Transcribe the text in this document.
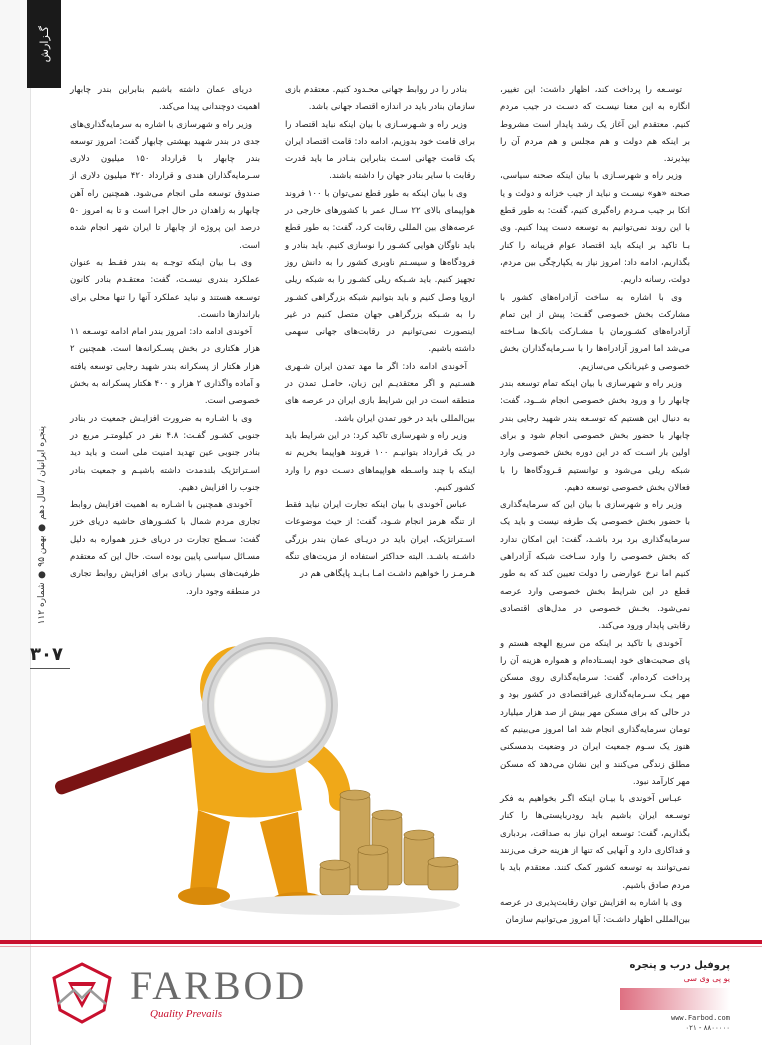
گـزارش
پنجره ایرانیان / سال دهم ● بهمن ۹۵ ● شماره ۱۱۲
۳۰۷

توسـعه را پرداخت کند، اظهار داشت: این تغییر، انگاره به این معنا نیسـت که دسـت در جیب مردم کنیم. معتقدم این آغاز یک رشد پایدار است مشروط بر اینکه هم دولت و هم مجلس و هم مردم آن را بپذیرند.

وزیر راه و شهرسـازی با بیان اینکه صحنه سیاسی، صحنه «هو» نیسـت و نباید از جیب خزانه و دولت و یا اتکا بر جیب مـردم راه‌گیری کنیم، گفت: به طور قطع با این روند نمی‌توانیم به توسعه دست پیدا کنیم. وی بـا تاکید بر اینکه باید اقتصاد عوام فریبانه را کنار بگذاریم، ادامه داد: امروز نیاز به یکپارچگی بین مردم، دولت، رسانه داریم.

وی با اشاره به ساخت آزادراه‌های کشور با مشارکت بخش خصوصی گفـت: پیش از این تمام آزادراه‌های کشـورمان با مشـارکت بانک‌ها سـاخته می‌شد اما امروز آزادراه‌ها را با سـرمایه‌گذاران بخش خصوصی و غیربانکی می‌سازیم.

وزیر راه و شهرسازی با بیان اینکه تمام توسعه بندر چابهار را و ورود بخش خصوصی انجام شــود، گفت: به دنبال این هستیم که توسـعه بندر شهید رجایی بندر چابهار با حضور بخش خصوصی انجام شود و برای اولین بار اسـت که در این دوره بخش خصوصی وارد شبکه ریلی می‌شود و توانستیم قـرودگاه‌ها را با فعالان بخش خصوصی توسعه دهیم.

وزیر راه و شهرسازی با بیان این که سرمایه‌گذاری با حضور بخش خصوصی یک طرفه نیست و باید یک سرمایه‌گذاری برد برد باشـد، گفت: این امکان ندارد که بخش خصوصی را وارد سـاخت شبکه آزادراهی کنیم اما نرخ عوارضی را دولت تعیین کند که به طور قطع در این شرایط بخش خصوصی وارد عرصه نمی‌شود. بخـش خصوصی در مدل‌های اقتصادی رقابتی پایدار ورود می‌کند.

آخوندی با تاکید بر اینکه من سریع الهجه هستم و پای صحبت‌های خود ایسـتاده‌ام و همواره هزینه آن را پرداخت کرده‌ام، گفت: سرمایه‌گذاری روی مسکن مهر یـک سـرمایه‌گذاری غیراقتصادی در کشور بود و در حالی که برای مسکن مهر بیش از صد هزار میلیارد تومان سرمایه‌گذاری انجام شد اما امروز می‌بینیم که هنوز یک سـوم جمعیت ایران در وضعیت بدمسکنی مطلق زندگی می‌کنند و این نشان می‌دهد که مسکن مهر کارآمد نبود.

عبـاس آخوندی با بیـان اینکه اگـر بخواهیم به فکر توسـعه ایران باشیم باید رودربایستی‌ها را کنار بگذاریم، گفت: توسعه ایران نیاز به صداقت، بردباری و فداکاری دارد و آنهایی که تنها از هزینه حرف می‌زنند نمی‌توانند به توسعه کشور کمک کنند. معتقدم باید با مردم صادق باشیم.

وی با اشاره به افزایش توان رقابت‌پذیری در عرصه بین‌المللی اظهار داشـت: آیا امروز می‌توانیم سازمان

بنادر را در روابط جهانی محـدود کنیم. معتقدم بازی سازمان بنادر باید در اندازه اقتصاد جهانی باشد.

وزیر راه و شـهرسـازی با بیان اینکه نباید اقتصاد را برای قامت خود بدوزیم، ادامه داد: قامت اقتصاد ایران یک قامت جهانی اسـت بنابراین بنـادر ما باید قدرت رقابت با سایر بنادر جهان را داشته باشند.

وی با بیان اینکه به طور قطع نمی‌توان با ۱۰۰ فروند هواپیمای بالای ۲۲ سـال عمر با کشورهای خارجی در عرصه‌های بین المللی رقابت کرد، گفت: به طور قطع باید ناوگان هوایی کشـور را نوسازی کنیم. باید بنادر و فرودگاه‌ها و سیسـتم ناوبری کشور را به دانش روز تجهیز کنیم. باید شـبکه ریلی کشـور را به شبکه ریلی اروپا وصل کنیم و باید بتوانیم شبکه بزرگراهی کشـور را به شـبکه بزرگراهی جهان متصل کنیم در غیر اینصورت نمی‌توانیم در رقابت‌های جهانی سهمی داشته باشیم.

آخوندی ادامه داد: اگر ما مهد تمدن ایران شـهری هسـتیم و اگر معتقدیـم این زبان، حامـل تمدن در منطقه است در این شرایط بازی ایران در عرصه های بین‌المللی باید در خور تمدن ایران باشد.

وزیر راه و شهرسازی تاکید کرد: در این شرایط باید در یک قرارداد بتوانیـم ۱۰۰ فروند هواپیما بخریم نه اینکه با چند واسـطه هواپیماهای دسـت دوم را وارد کشور کنیم.

عباس آخوندی با بیان اینکه تجارت ایران نباید فقط از تنگه هرمز انجام شـود، گفت: از حیث موضوعات اسـتراتژیک، ایران باید در دریـای عمان بندر بزرگی داشـته باشـد. البته حداکثر استفاده از مزیت‌های تنگه هـرمـز را خواهیم داشـت امـا بـایـد پایگاهی هم در

دریای عمان داشته باشیم بنابراین بندر چابهار اهمیت دوچندانی پیدا می‌کند.

وزیر راه و شهرسازی با اشاره به سرمایه‌گذاری‌های جدی در بندر شهید بهشتی چابهار گفت: امروز توسعه بندر چابهار با قرارداد ۱۵۰ میلیون دلاری سـرمایه‌گذاران هندی و قرارداد ۴۲۰ میلیون دلاری از صندوق توسعه ملی انجام می‌شود. همچنین راه آهن چابهار به زاهدان در حال اجرا است و تا به امروز ۵۰ درصد این پروژه از چابهار تا ایران شهر انجام شده است.

وی بـا بیان اینکه توجـه به بندر فقـط به عنوان عملکرد بندری نیسـت، گفت: معتقـدم بنادر کانون توسـعه هستند و نباید عملکرد آنها را تنها محلی برای بارانداز‌ها دانست.

آخوندی ادامه داد: امروز بندر امام ادامه توسـعه ۱۱ هزار هکتاری در بخش پسـکرانه‌ها است. همچنین ۲ هزار هکتار از پسکرانه بندر شهید رجایی توسعه یافته و آماده واگذاری ۲ هزار و ۴۰۰ هکتار پسکرانه به بخش خصوصی است.

وی با اشـاره به ضرورت افزایـش جمعیت در بنادر جنوبی کشـور گفـت: ۴.۸ نفر در کیلومتـر مربع در بنادر جنوبی عین تهدید امنیت ملی است و باید دید اسـتراتژیک بلندمدت داشته باشیـم و جمعیت بنادر جنوب را افزایش دهیم.

آخوندی همچنین با اشـاره به اهمیت افزایش روابط تجاری مردم شمال با کشـورهای حاشیه دریای خزر گفت: سـطح تجارت در دریای خـزر همواره به دلیل مسـائل سیاسی پایین بوده است. حال این که معتقدم ظرفیت‌های بسیار زیادی برای افزایش روابط تجاری در منطقه وجود دارد.

FARBOD
Quality Prevails
پروفیل درب و پنجره
یو پی وی سی
www.Farbod.com
۰۲۱ - ۸۸۰۰۰۰۰
